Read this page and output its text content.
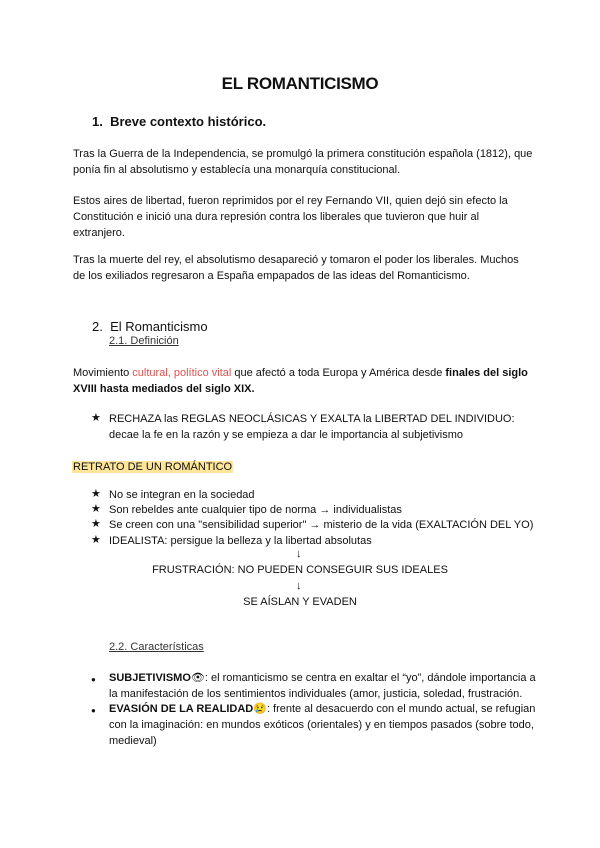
EL ROMANTICISMO
1. Breve contexto histórico.
Tras la Guerra de la Independencia, se promulgó la primera constitución española (1812), que ponía fin al absolutismo y establecía una monarquía constitucional.
Estos aires de libertad, fueron reprimidos por el rey Fernando VII, quien dejó sin efecto la Constitución e inició una dura represión contra los liberales que tuvieron que huir al extranjero.
Tras la muerte del rey, el absolutismo desapareció y tomaron el poder los liberales. Muchos de los exiliados regresaron a España empapados de las ideas del Romanticismo.
2. El Romanticismo
2.1. Definición
Movimiento cultural, político vital que afectó a toda Europa y América desde finales del siglo XVIII hasta mediados del siglo XIX.
★ RECHAZA las REGLAS NEOCLÁSICAS Y EXALTA la LIBERTAD DEL INDIVIDUO:
decae la fe en la razón y se empieza a dar le importancia al subjetivismo
RETRATO DE UN ROMÁNTICO
★ No se integran en la sociedad
★ Son rebeldes ante cualquier tipo de norma → individualistas
★ Se creen con una "sensibilidad superior" → misterio de la vida (EXALTACIÓN DEL YO)
★ IDEALISTA: persigue la belleza y la libertad absolutas
↓
FRUSTRACIÓN: NO PUEDEN CONSEGUIR SUS IDEALES
↓
SE AÍSLAN Y EVADEN
2.2. Características
● SUBJETIVISMO👁: el romanticismo se centra en exaltar el “yo”, dándole importancia a
la manifestación de los sentimientos individuales (amor, justicia, soledad, frustración.
● EVASIÓN DE LA REALIDAD😢: frente al desacuerdo con el mundo actual, se refugian
con la imaginación: en mundos exóticos (orientales) y en tiempos pasados (sobre todo,
medieval)
